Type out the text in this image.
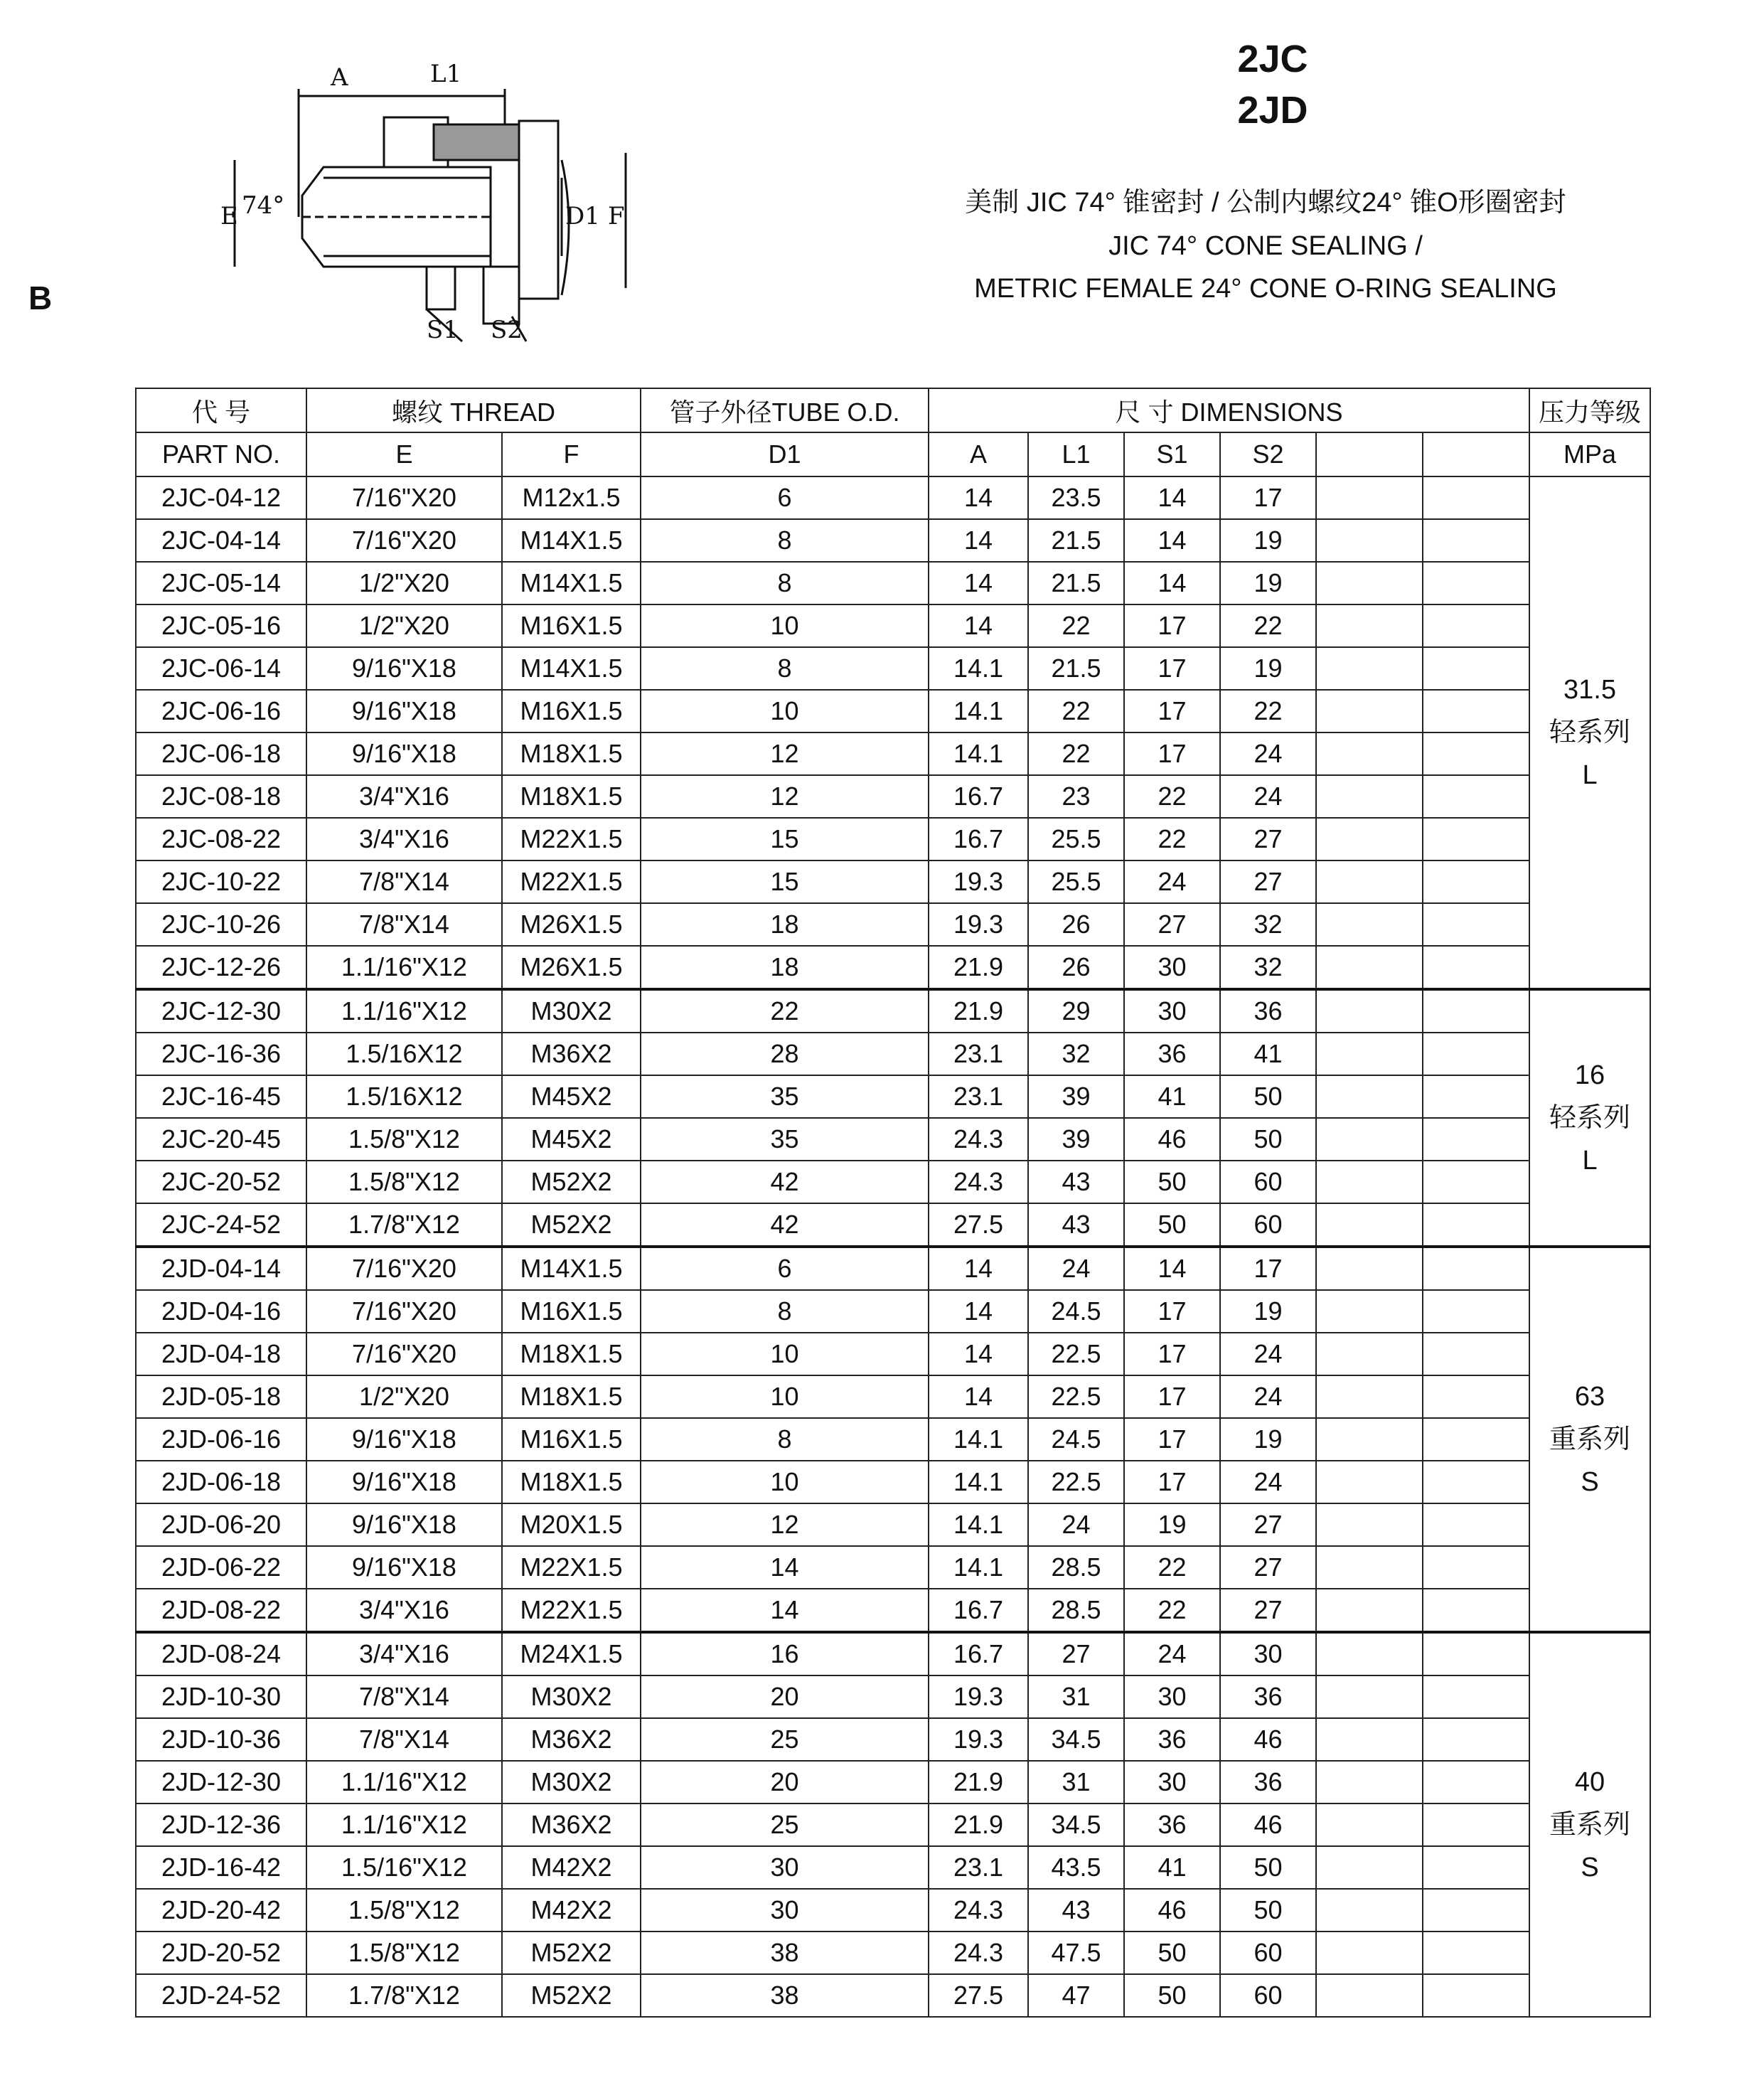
B
A	L1
E 74°	D1 F
S1 S2
2JC
2JD
美制 JIC 74° 锥密封 / 公制内螺纹24° 锥O形圈密封
JIC 74° CONE SEALING /
METRIC FEMALE 24° CONE O-RING SEALING
代 号	螺纹 THREAD		管子外径TUBE O.D.	尺 寸 DIMENSIONS						压力等级
PART NO.	E	F	D1	A	L1	S1	S2			MPa
2JC-04-12	7/16"X20	M12x1.5	6	14	23.5	14	17			31.5
轻系列
L

2JC-04-14	7/16"X20	M14X1.5	8	14	21.5	14	19			
2JC-05-14	1/2"X20	M14X1.5	8	14	21.5	14	19			
2JC-05-16	1/2"X20	M16X1.5	10	14	22	17	22			
2JC-06-14	9/16"X18	M14X1.5	8	14.1	21.5	17	19			
2JC-06-16	9/16"X18	M16X1.5	10	14.1	22	17	22			
2JC-06-18	9/16"X18	M18X1.5	12	14.1	22	17	24			
2JC-08-18	3/4"X16	M18X1.5	12	16.7	23	22	24			
2JC-08-22	3/4"X16	M22X1.5	15	16.7	25.5	22	27			
2JC-10-22	7/8"X14	M22X1.5	15	19.3	25.5	24	27			
2JC-10-26	7/8"X14	M26X1.5	18	19.3	26	27	32			
2JC-12-26	1.1/16"X12	M26X1.5	18	21.9	26	30	32			
2JC-12-30	1.1/16"X12	M30X2	22	21.9	29	30	36			16
轻系列
L

2JC-16-36	1.5/16X12	M36X2	28	23.1	32	36	41			
2JC-16-45	1.5/16X12	M45X2	35	23.1	39	41	50			
2JC-20-45	1.5/8"X12	M45X2	35	24.3	39	46	50			
2JC-20-52	1.5/8"X12	M52X2	42	24.3	43	50	60			
2JC-24-52	1.7/8"X12	M52X2	42	27.5	43	50	60			
2JD-04-14	7/16"X20	M14X1.5	6	14	24	14	17			63
重系列
S

2JD-04-16	7/16"X20	M16X1.5	8	14	24.5	17	19			
2JD-04-18	7/16"X20	M18X1.5	10	14	22.5	17	24			
2JD-05-18	1/2"X20	M18X1.5	10	14	22.5	17	24			
2JD-06-16	9/16"X18	M16X1.5	8	14.1	24.5	17	19			
2JD-06-18	9/16"X18	M18X1.5	10	14.1	22.5	17	24			
2JD-06-20	9/16"X18	M20X1.5	12	14.1	24	19	27			
2JD-06-22	9/16"X18	M22X1.5	14	14.1	28.5	22	27			
2JD-08-22	3/4"X16	M22X1.5	14	16.7	28.5	22	27			
2JD-08-24	3/4"X16	M24X1.5	16	16.7	27	24	30			40
重系列
S

2JD-10-30	7/8"X14	M30X2	20	19.3	31	30	36			
2JD-10-36	7/8"X14	M36X2	25	19.3	34.5	36	46			
2JD-12-30	1.1/16"X12	M30X2	20	21.9	31	30	36			
2JD-12-36	1.1/16"X12	M36X2	25	21.9	34.5	36	46			
2JD-16-42	1.5/16"X12	M42X2	30	23.1	43.5	41	50			
2JD-20-42	1.5/8"X12	M42X2	30	24.3	43	46	50			
2JD-20-52	1.5/8"X12	M52X2	38	24.3	47.5	50	60			
2JD-24-52	1.7/8"X12	M52X2	38	27.5	47	50	60			
